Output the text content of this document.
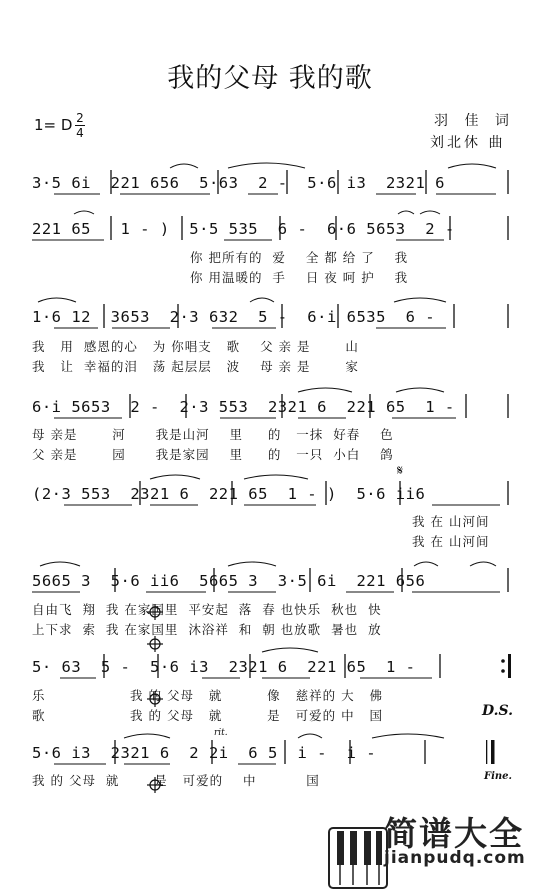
我的父母 我的歌
1= D 2
4
羽 佳 词
刘北休 曲
3·5 6i  221 656  5·63  2 -  5·6 i3  2321 6
221 65   1 - )  5·5 535  6 -  6·6 5653  2 -
你 把所有的  爱    全 都 给 了    我
你 用温暖的  手    日 夜 呵 护    我
1·6 12  3653  2·3 632  5 -  6·i 6535  6 -
我   用  感恩的心   为 你唱支   歌    父 亲 是       山
我   让  幸福的泪   荡 起层层   波    母 亲 是       家
6·i 5653  2 -  2·3 553  2321 6  221 65  1 -
母 亲是       河      我是山河    里     的   一抹  好春    色
父 亲是       园      我是家园    里     的   一只  小白    鸽
(2·3 553  2321 6  221 65  1 - )  5·6 ii6
𝄋
我 在 山河间
我 在 山河间
5665 3  5·6 ii6  5665 3  3·5 6i  221 656
自由飞  翔  我 在家国里  平安起  落  春 也快乐  秋也  快
上下求  索  我 在家国里  沐浴祥  和  朝 也放歌  暑也  放
5· 63  5 -  5·6 i3  2321 6  221 65  1 -
乐                 我 的 父母   就         像   慈祥的 大   佛
歌                 我 的 父母   就         是   可爱的 中   国	D.S.
rit.
5·6 i3  2321 6  2 2i  6 5  i -  i -
我 的 父母  就       是   可爱的    中          国	Fine.

简谱大全
jianpudq.com
